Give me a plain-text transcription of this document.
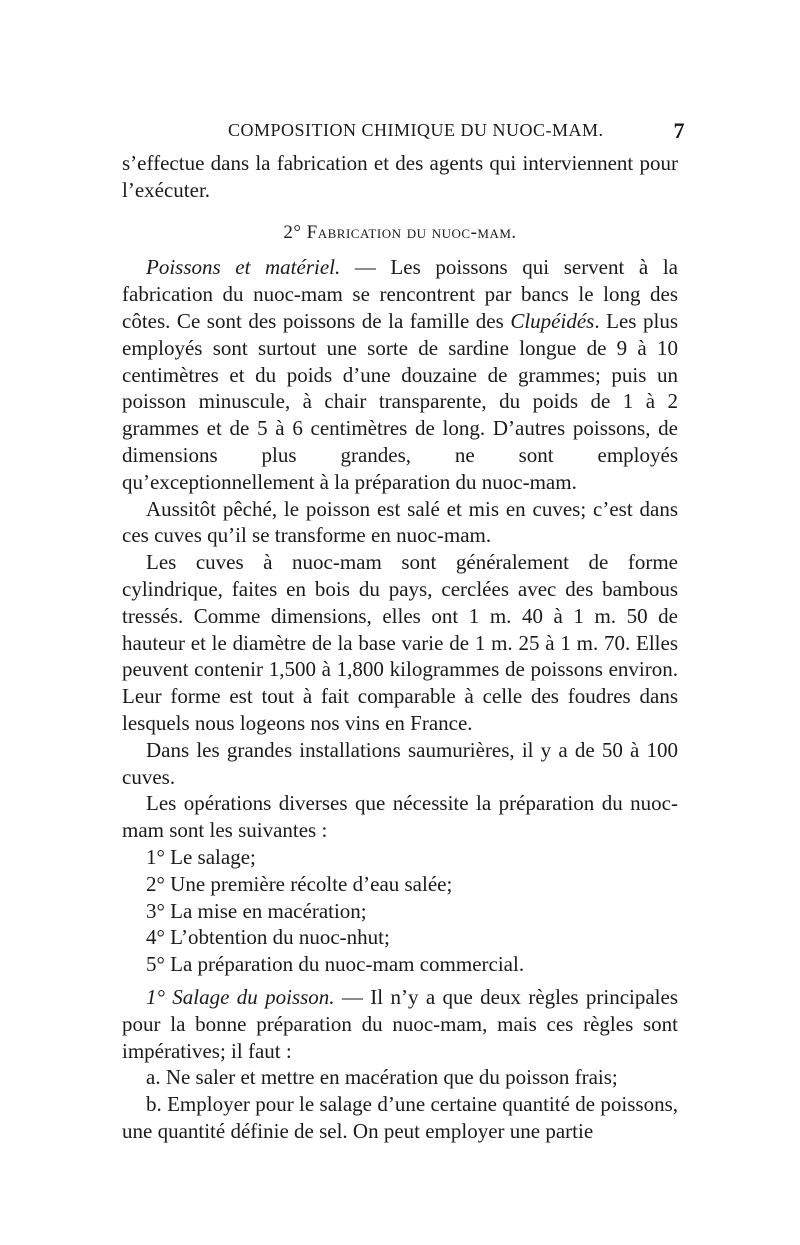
COMPOSITION CHIMIQUE DU NUOC-MAM.	7

s’effectue dans la fabrication et des agents qui interviennent pour l’exécuter.

2° Fabrication du nuoc-mam.

Poissons et matériel. — Les poissons qui servent à la fabrication du nuoc-mam se rencontrent par bancs le long des côtes. Ce sont des poissons de la famille des Clupéidés. Les plus employés sont surtout une sorte de sardine longue de 9 à 10 centimètres et du poids d’une douzaine de grammes; puis un poisson minuscule, à chair transparente, du poids de 1 à 2 grammes et de 5 à 6 centimètres de long. D’autres poissons, de dimensions plus grandes, ne sont employés qu’exceptionnellement à la préparation du nuoc-mam.

Aussitôt pêché, le poisson est salé et mis en cuves; c’est dans ces cuves qu’il se transforme en nuoc-mam.

Les cuves à nuoc-mam sont généralement de forme cylindrique, faites en bois du pays, cerclées avec des bambous tressés. Comme dimensions, elles ont 1 m. 40 à 1 m. 50 de hauteur et le diamètre de la base varie de 1 m. 25 à 1 m. 70. Elles peuvent contenir 1,500 à 1,800 kilogrammes de poissons environ. Leur forme est tout à fait comparable à celle des foudres dans lesquels nous logeons nos vins en France.

Dans les grandes installations saumurières, il y a de 50 à 100 cuves.

Les opérations diverses que nécessite la préparation du nuoc-mam sont les suivantes :

1° Le salage;

2° Une première récolte d’eau salée;

3° La mise en macération;

4° L’obtention du nuoc-nhut;

5° La préparation du nuoc-mam commercial.

1° Salage du poisson. — Il n’y a que deux règles principales pour la bonne préparation du nuoc-mam, mais ces règles sont impératives; il faut :

a. Ne saler et mettre en macération que du poisson frais;

b. Employer pour le salage d’une certaine quantité de poissons, une quantité définie de sel. On peut employer une partie
